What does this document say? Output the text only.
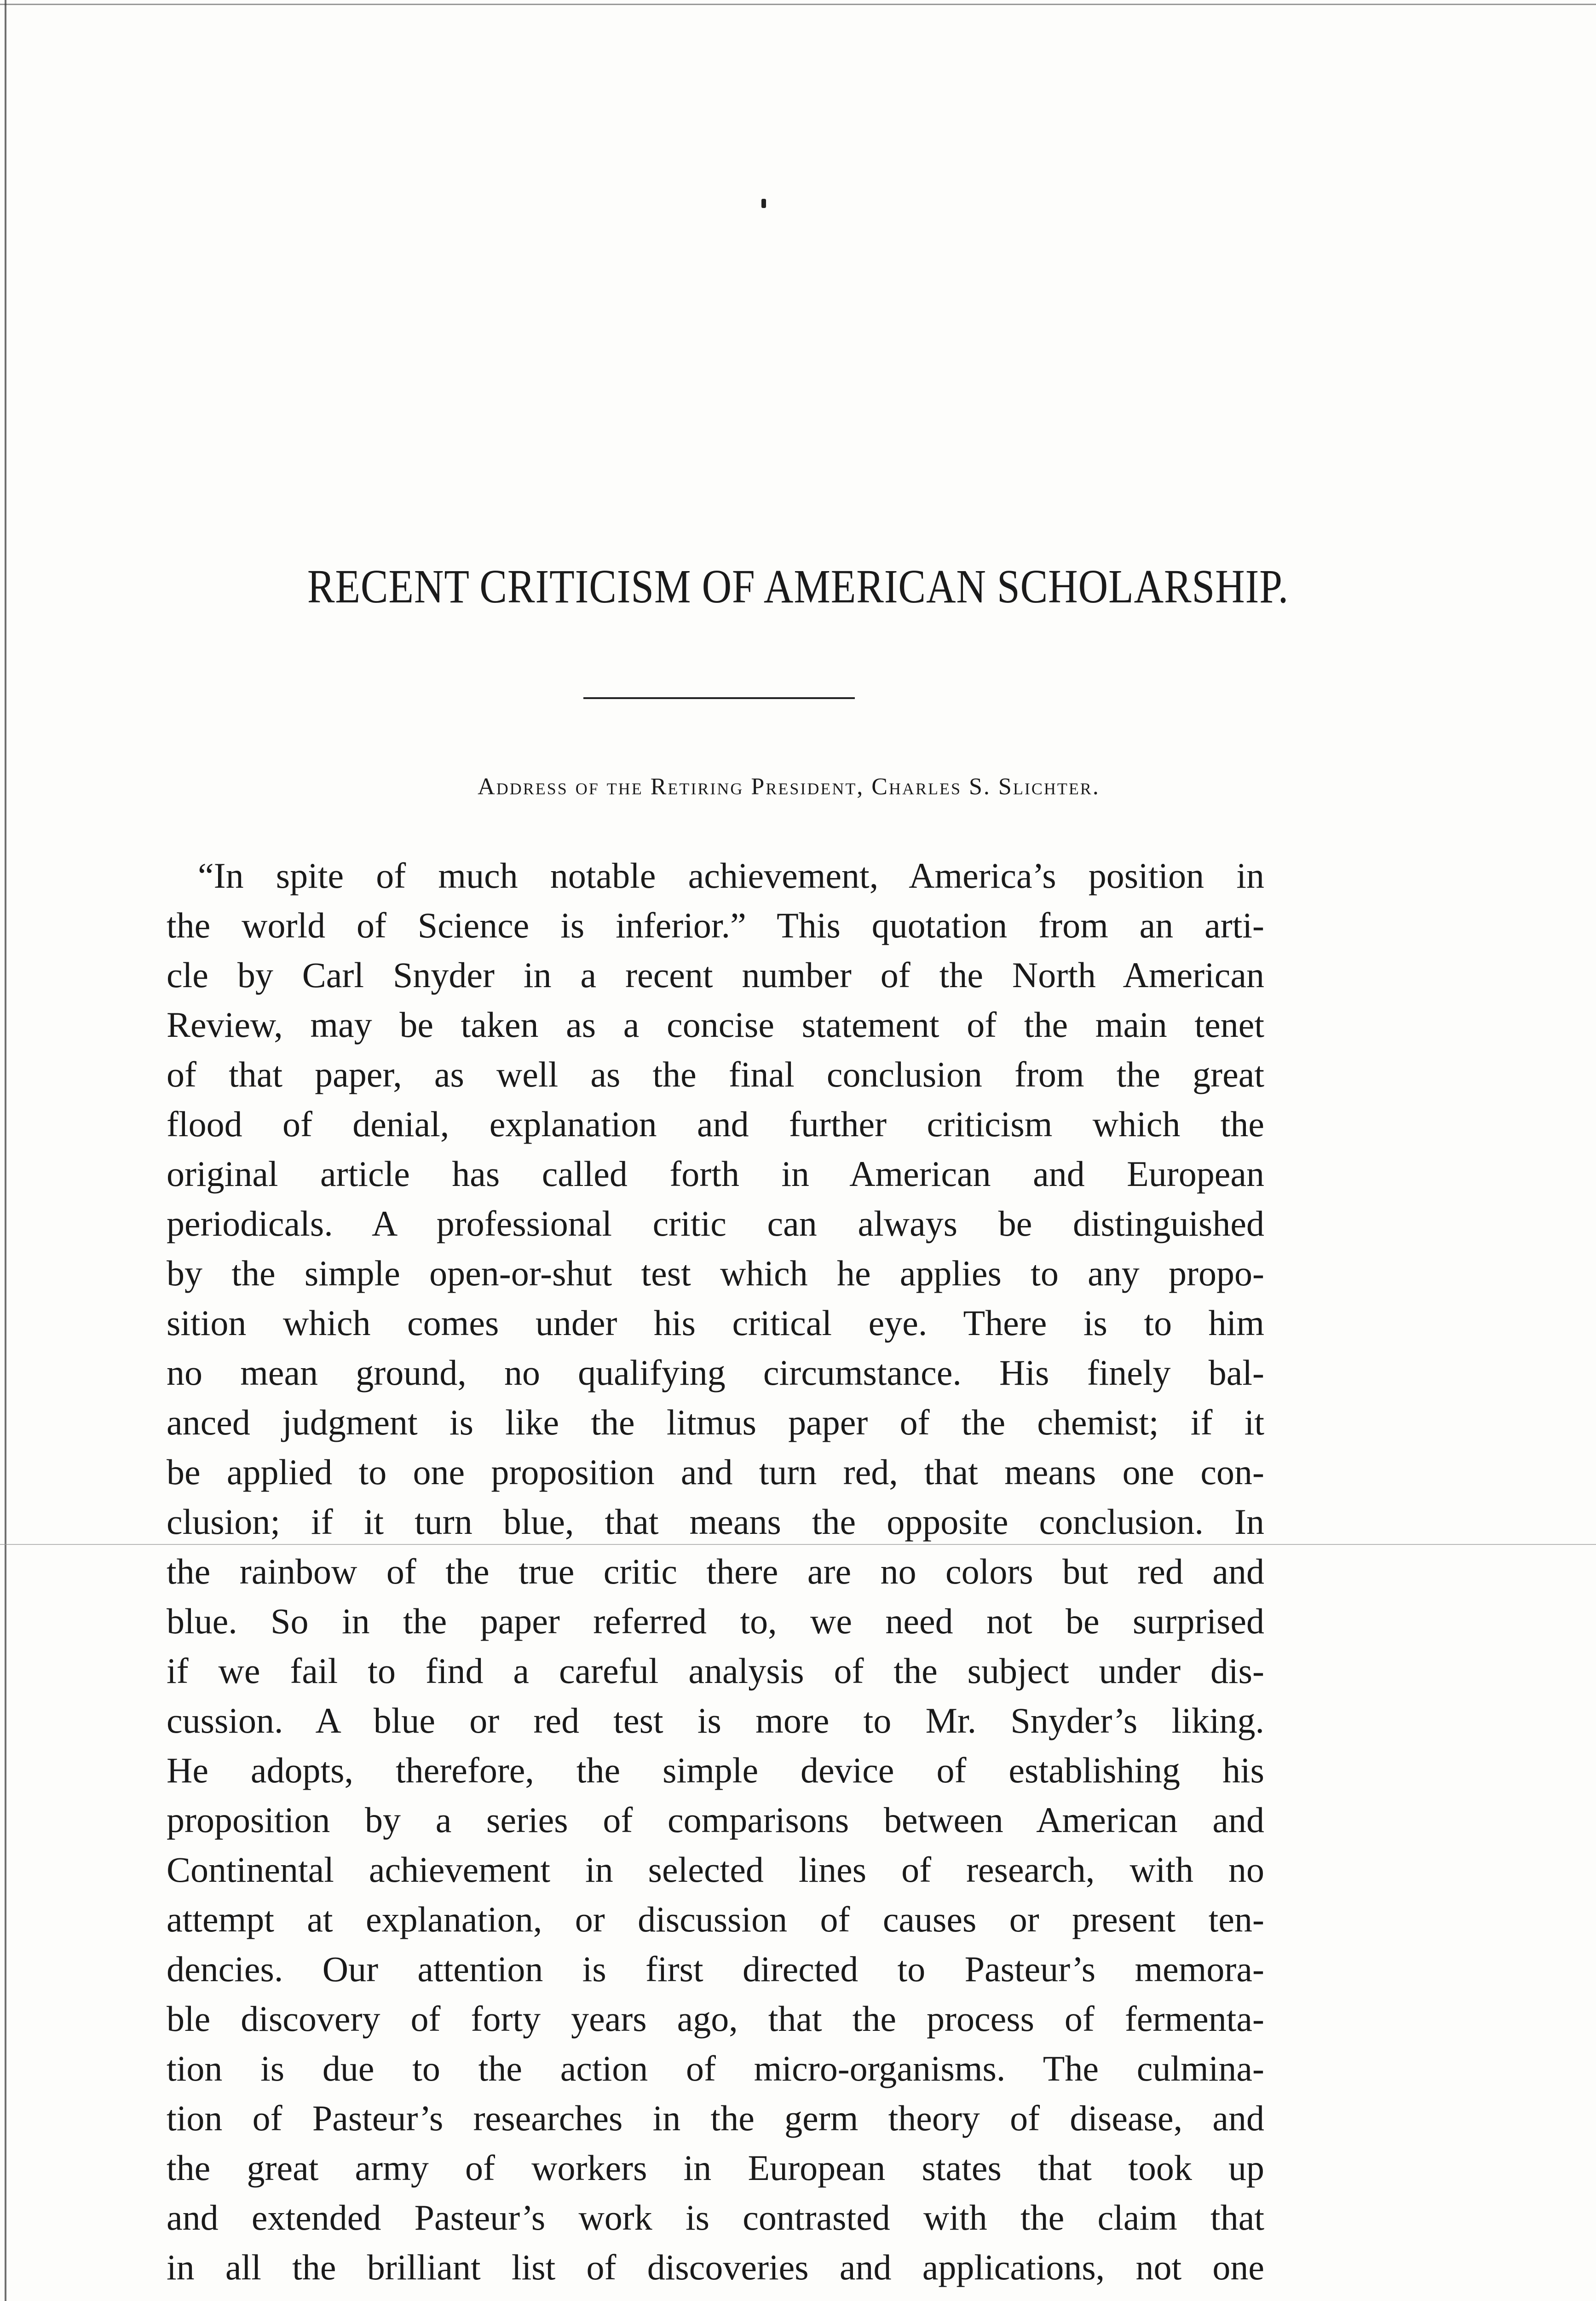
RECENT CRITICISM OF AMERICAN SCHOLARSHIP.
Address of the Retiring President, Charles S. Slichter.
“In spite of much notable achievement, America’s position in
the world of Science is inferior.” This quotation from an arti-
cle by Carl Snyder in a recent number of the North American
Review, may be taken as a concise statement of the main tenet
of that paper, as well as the final conclusion from the great
flood of denial, explanation and further criticism which the
original article has called forth in American and European
periodicals. A professional critic can always be distinguished
by the simple open-or-shut test which he applies to any propo-
sition which comes under his critical eye. There is to him
no mean ground, no qualifying circumstance. His finely bal-
anced judgment is like the litmus paper of the chemist; if it
be applied to one proposition and turn red, that means one con-
clusion; if it turn blue, that means the opposite conclusion. In
the rainbow of the true critic there are no colors but red and
blue. So in the paper referred to, we need not be surprised
if we fail to find a careful analysis of the subject under dis-
cussion. A blue or red test is more to Mr. Snyder’s liking.
He adopts, therefore, the simple device of establishing his
proposition by a series of comparisons between American and
Continental achievement in selected lines of research, with no
attempt at explanation, or discussion of causes or present ten-
dencies. Our attention is first directed to Pasteur’s memora-
ble discovery of forty years ago, that the process of fermenta-
tion is due to the action of micro-organisms. The culmina-
tion of Pasteur’s researches in the germ theory of disease, and
the great army of workers in European states that took up
and extended Pasteur’s work is contrasted with the claim that
in all the brilliant list of discoveries and applications, not one
